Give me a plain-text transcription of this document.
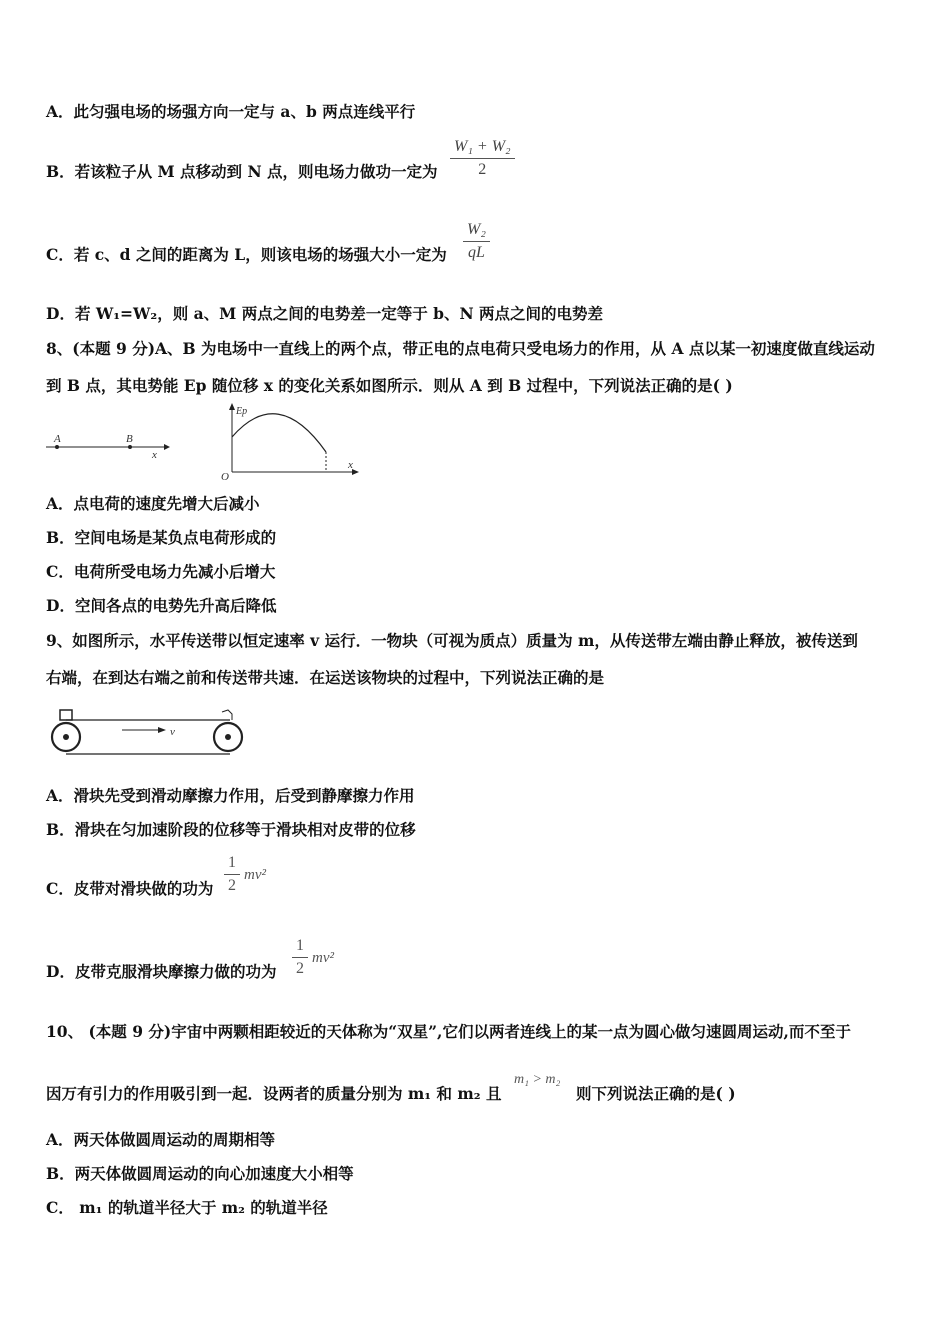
A．此匀强电场的场强方向一定与 a、b 两点连线平行
B．若该粒子从 M 点移动到 N 点，则电场力做功一定为
W₁ + W₂
2
C．若 c、d 之间的距离为 L，则该电场的场强大小一定为
W₂
qL
D．若 W₁=W₂，则 a、M 两点之间的电势差一定等于 b、N 两点之间的电势差
8、(本题 9 分)A、B 为电场中一直线上的两个点，带正电的点电荷只受电场力的作用，从 A 点以某一初速度做直线运动
到 B 点，其电势能 Ep 随位移 x 的变化关系如图所示．则从 A 到 B 过程中，下列说法正确的是( )
A	B
x
Ep
O
x
A．点电荷的速度先增大后减小
B．空间电场是某负点电荷形成的
C．电荷所受电场力先减小后增大
D．空间各点的电势先升高后降低
9、如图所示，水平传送带以恒定速率 v 运行．一物块（可视为质点）质量为 m，从传送带左端由静止释放，被传送到
右端，在到达右端之前和传送带共速．在运送该物块的过程中，下列说法正确的是
v
A．滑块先受到滑动摩擦力作用，后受到静摩擦力作用
B．滑块在匀加速阶段的位移等于滑块相对皮带的位移
C．皮带对滑块做的功为
1
2
mv²
D．皮带克服滑块摩擦力做的功为
1
2
mv²
10、 (本题 9 分)宇宙中两颗相距较近的天体称为“双星”,它们以两者连线上的某一点为圆心做匀速圆周运动,而不至于
因万有引力的作用吸引到一起．设两者的质量分别为 m₁ 和 m₂ 且
m₁ > m₂
则下列说法正确的是( )
A．两天体做圆周运动的周期相等
B．两天体做圆周运动的向心加速度大小相等
C． m₁ 的轨道半径大于 m₂ 的轨道半径
